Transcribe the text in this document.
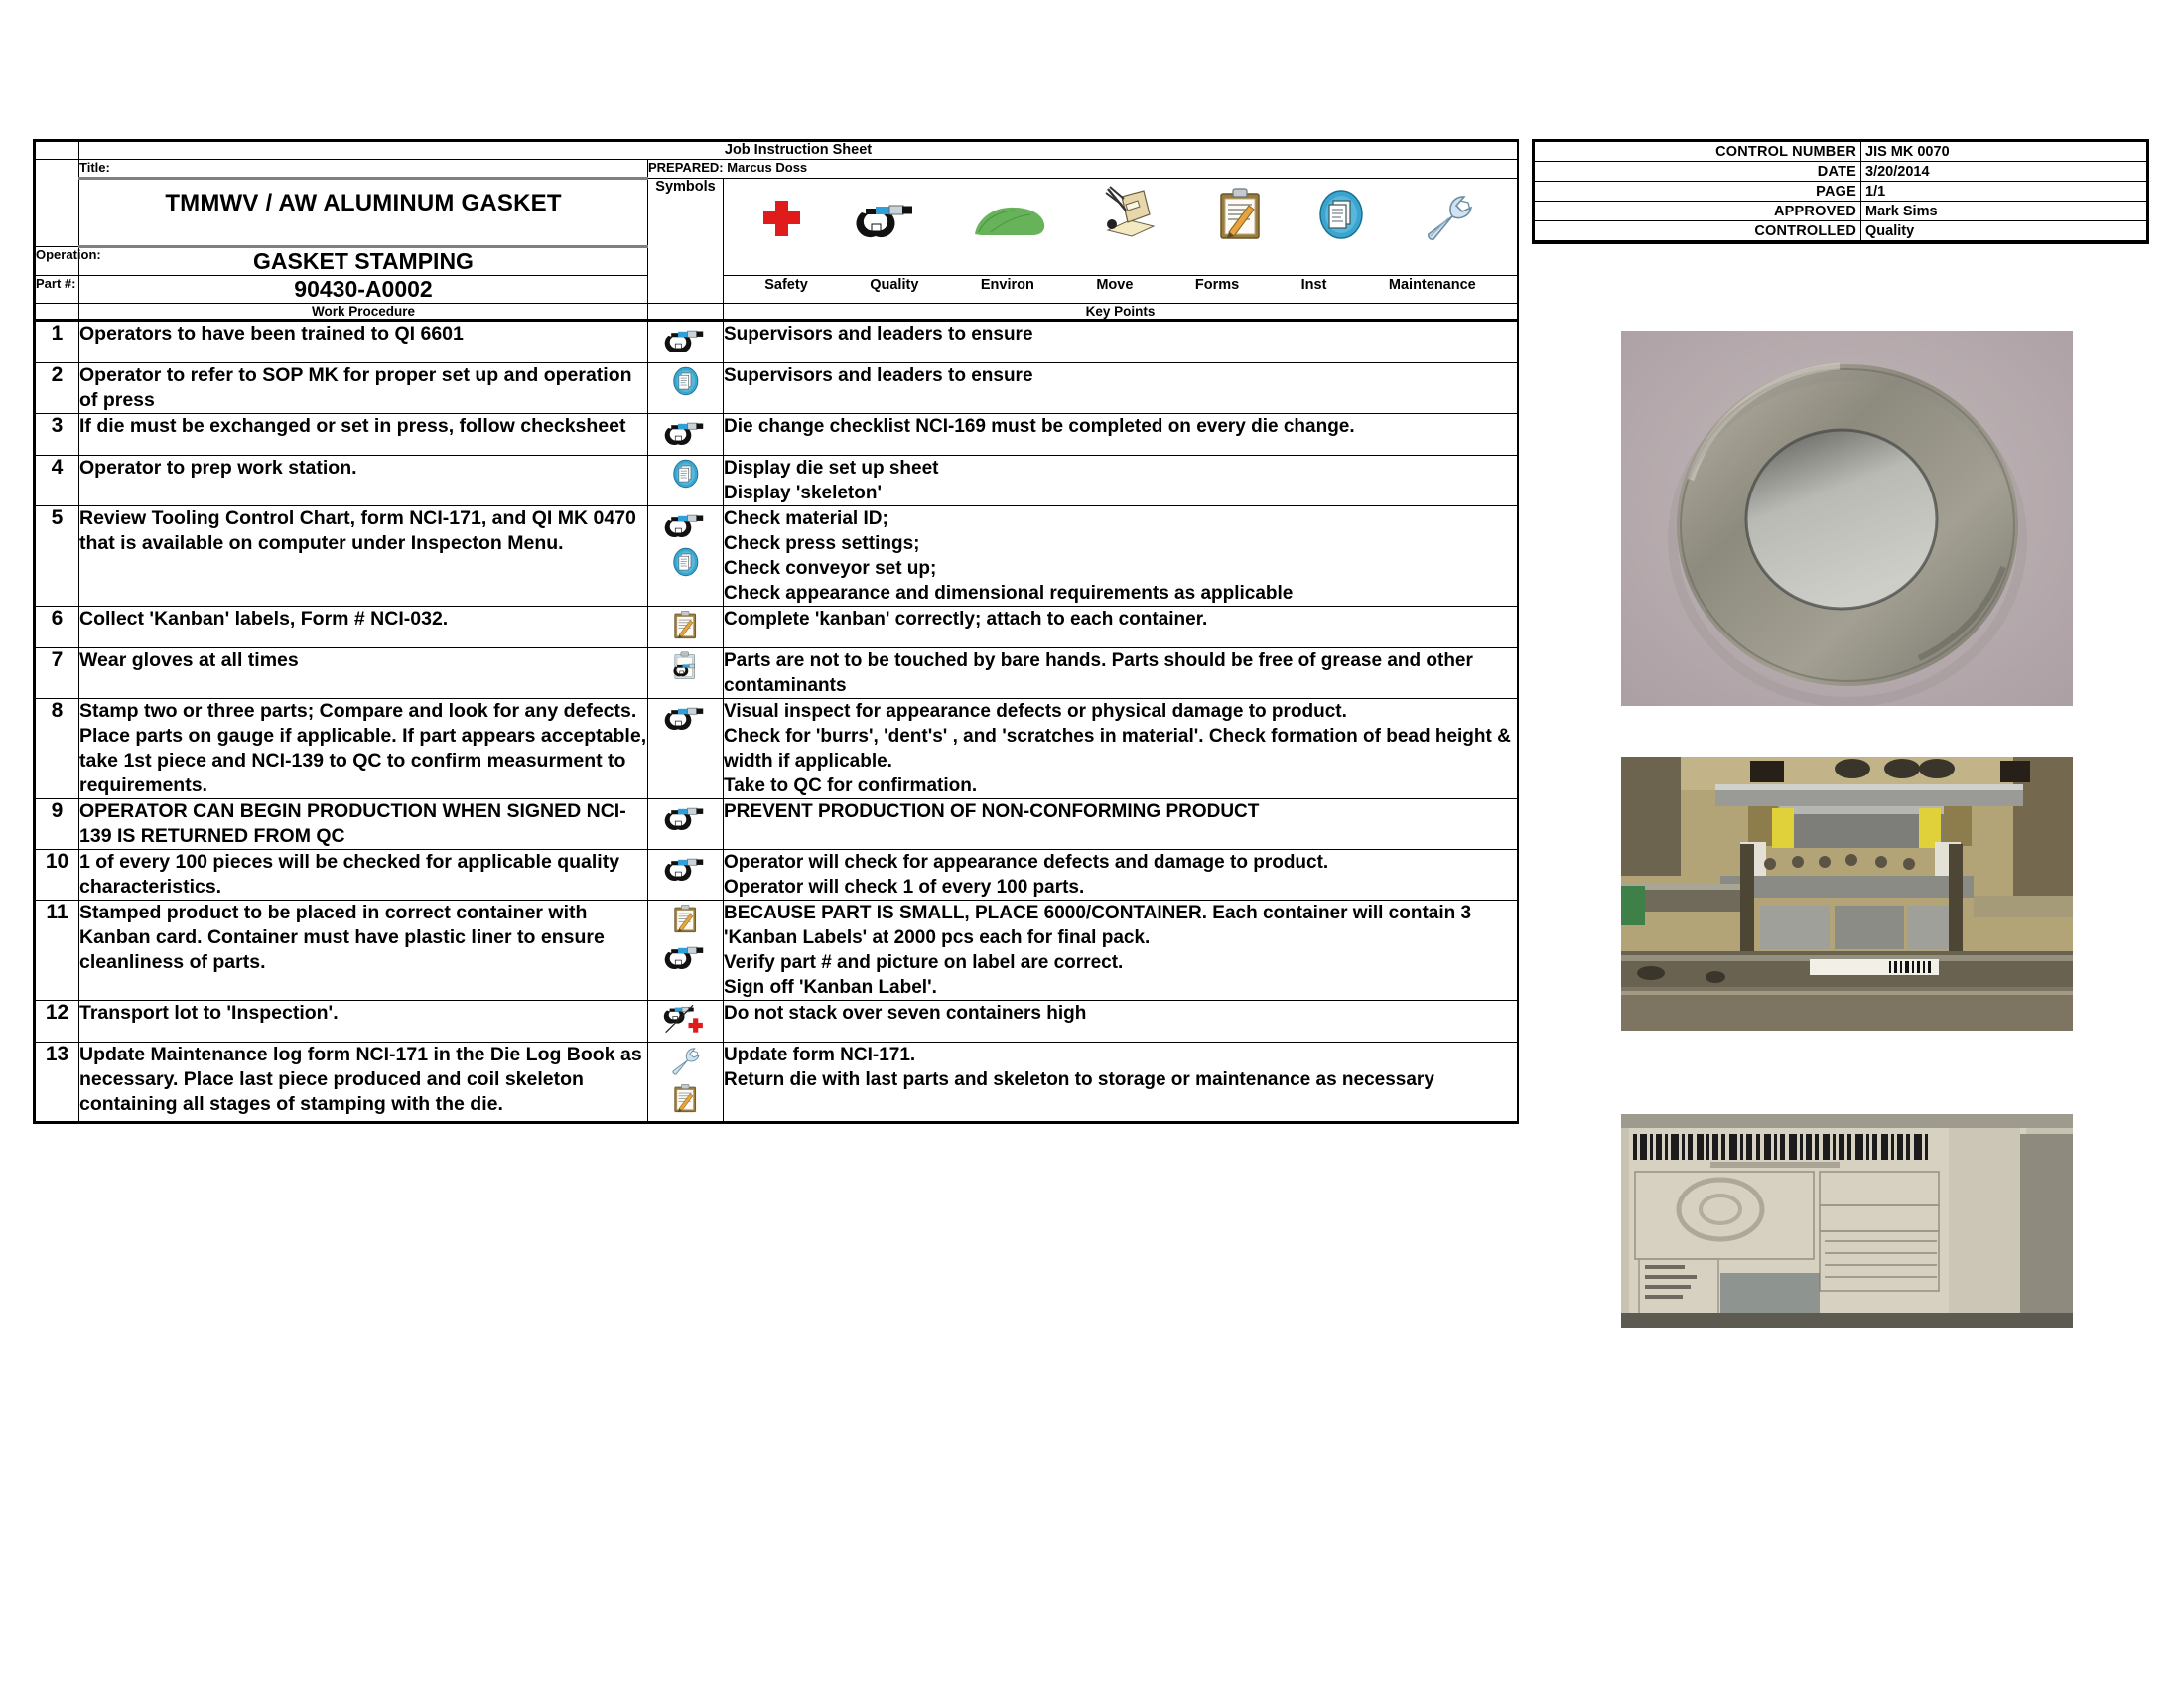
	Job Instruction Sheet		
	Title:	PREPARED: Marcus Doss	
	TMMWV / AW ALUMINUM GASKET	Symbols	

Operation:	GASKET STAMPING		
Part #:	90430-A0002	Safety	Quality	Environ	Move	Forms	Inst	Maintenance

	Work Procedure		Key Points
1	Operators to have been trained to QI 6601		Supervisors and leaders to ensure

2	Operator to refer to SOP MK for proper set up and operation of press		Supervisors and leaders to ensure

3	If die must be exchanged or set in press, follow checksheet		Die change checklist NCI-169 must be completed on every die change.

4	Operator to prep work station.		Display die set up sheet
Display 'skeleton'

5	Review Tooling Control Chart, form NCI-171, and QI MK 0470 that is available on computer under Inspecton Menu.		Check material ID;
Check press settings;
Check conveyor set up;
Check appearance and dimensional requirements as applicable

6	Collect 'Kanban' labels, Form # NCI-032.		Complete 'kanban' correctly; attach to each container.

7	Wear gloves at all times		Parts are not to be touched by bare hands. Parts should be free of grease and other contaminants

8	Stamp two or three parts; Compare and look for any defects. Place parts on gauge if applicable. If part appears acceptable, take 1st piece and NCI-139 to QC to confirm measurment to requirements.		Visual inspect for appearance defects or physical damage to product.
Check for 'burrs', 'dent's' , and 'scratches in material'. Check formation of bead height & width if applicable.
Take to QC for confirmation.

9	OPERATOR CAN BEGIN PRODUCTION WHEN SIGNED NCI-139 IS RETURNED FROM QC		PREVENT PRODUCTION OF NON-CONFORMING PRODUCT

10	1 of every 100 pieces will be checked for applicable quality characteristics.		Operator will check for appearance defects and damage to product.
Operator will check 1 of every 100 parts.

11	Stamped product to be placed in correct container with Kanban card. Container must have plastic liner to ensure cleanliness of parts.		BECAUSE PART IS SMALL, PLACE 6000/CONTAINER. Each container will contain 3 'Kanban Labels' at 2000 pcs each for final pack.
Verify part # and picture on label are correct.
Sign off 'Kanban Label'.

12	Transport lot to 'Inspection'.		Do not stack over seven containers high

13	Update Maintenance log form NCI-171 in the Die Log Book as necessary. Place last piece produced and coil skeleton containing all stages of stamping with the die.		Update form NCI-171.
Return die with last parts and skeleton to storage or maintenance as necessary
CONTROL NUMBER	JIS MK 0070
DATE	3/20/2014
PAGE	1/1
APPROVED	Mark Sims
CONTROLLED	Quality
